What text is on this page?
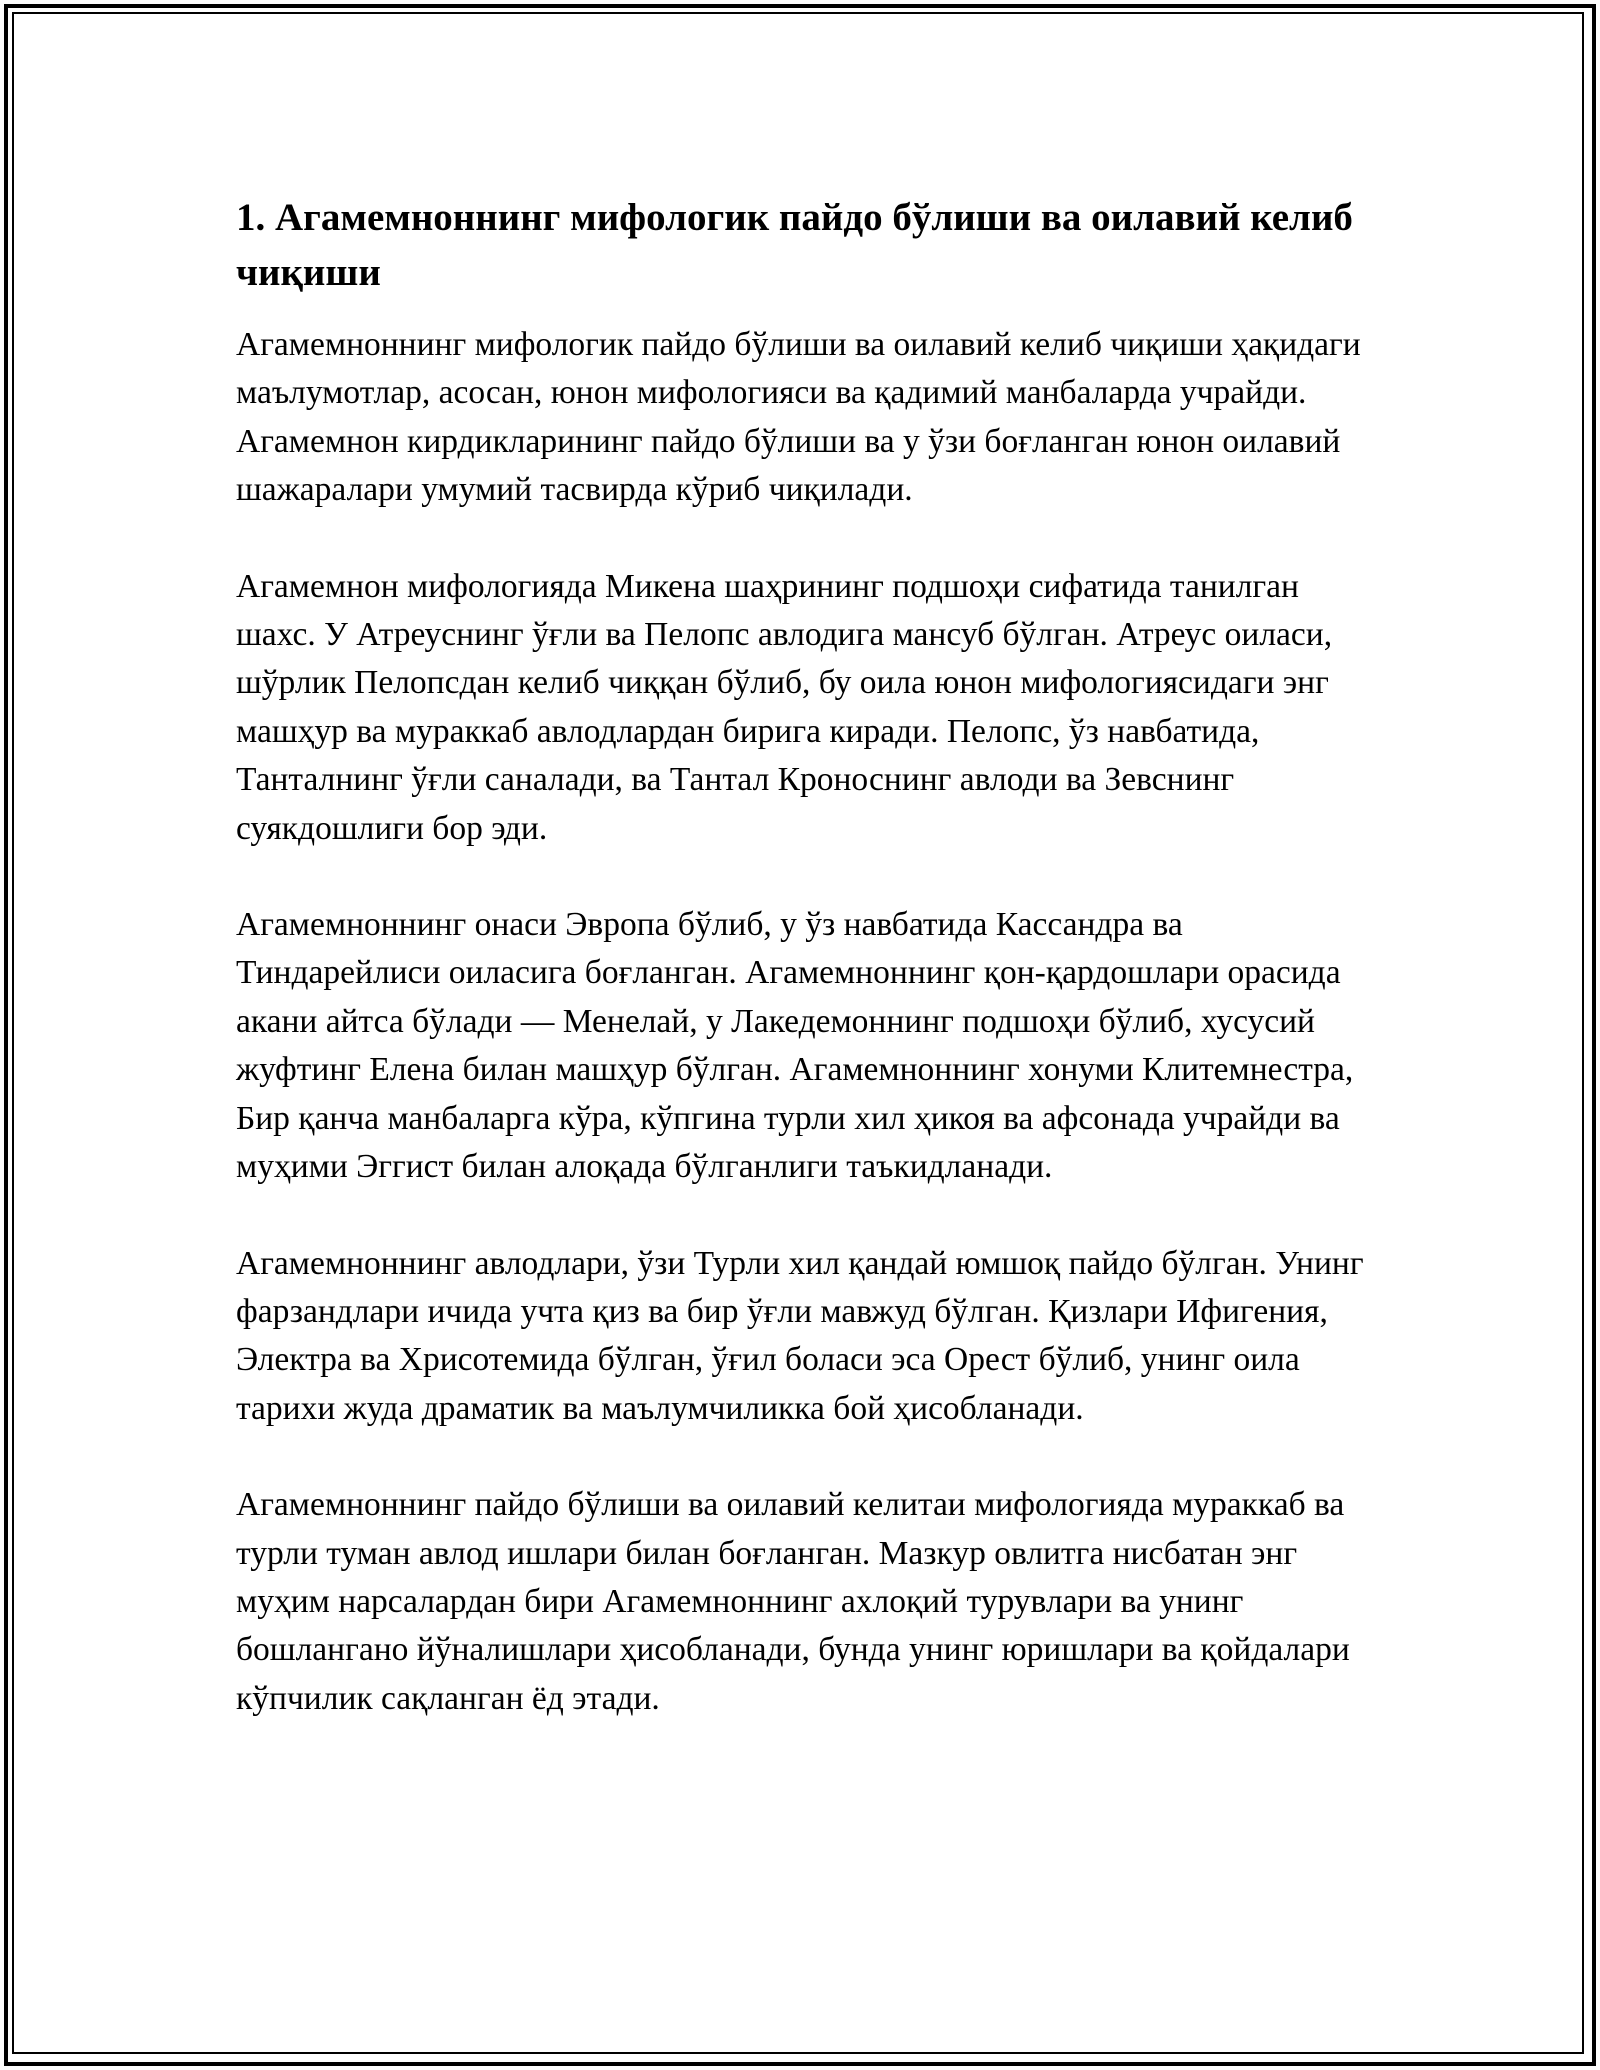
1. Агамемноннинг мифологик пайдо бўлиши ва оилавий келиб чиқиши

Агамемноннинг мифологик пайдо бўлиши ва оилавий келиб чиқиши ҳақидаги маълумотлар, асосан, юнон мифологияси ва қадимий манбаларда учрайди. Агамемнон кирдикларининг пайдо бўлиши ва у ўзи боғланган юнон оилавий шажаралари умумий тасвирда кўриб чиқилади.

Агамемнон мифологияда Микена шаҳрининг подшоҳи сифатида танилган шахс. У Атреуснинг ўғли ва Пелопс авлодига мансуб бўлган. Атреус оиласи, шўрлик Пелопсдан келиб чиққан бўлиб, бу оила юнон мифологиясидаги энг машҳур ва мураккаб авлодлардан бирига киради. Пелопс, ўз навбатида, Танталнинг ўғли саналади, ва Тантал Кроноснинг авлоди ва Зевснинг суякдошлиги бор эди.

Агамемноннинг онаси Эвропа бўлиб, у ўз навбатида Кассандра ва Тиндарейлиси оиласига боғланган. Агамемноннинг қон-қардошлари орасида акани айтса бўлади — Менелай, у Лакедемоннинг подшоҳи бўлиб, хусусий жуфтинг Елена билан машҳур бўлган. Агамемноннинг хонуми Клитемнестра, Бир қанча манбаларга кўра, кўпгина турли хил ҳикоя ва афсонада учрайди ва муҳими Эггист билан алоқада бўлганлиги таъкидланади.

Агамемноннинг авлодлари, ўзи Турли хил қандай юмшоқ пайдо бўлган. Унинг фарзандлари ичида учта қиз ва бир ўғли мавжуд бўлган. Қизлари Ифигения, Электра ва Хрисотемида бўлган, ўғил боласи эса Орест бўлиб, унинг оила тарихи жуда драматик ва маълумчиликка бой ҳисобланади.

Агамемноннинг пайдо бўлиши ва оилавий келитаи мифологияда мураккаб ва турли туман авлод ишлари билан боғланган. Мазкур овлитга нисбатан энг муҳим нарсалардан бири Агамемноннинг ахлоқий турувлари ва унинг бошлангано йўналишлари ҳисобланади, бунда унинг юришлари ва қойдалари кўпчилик сақланган ёд этади.
